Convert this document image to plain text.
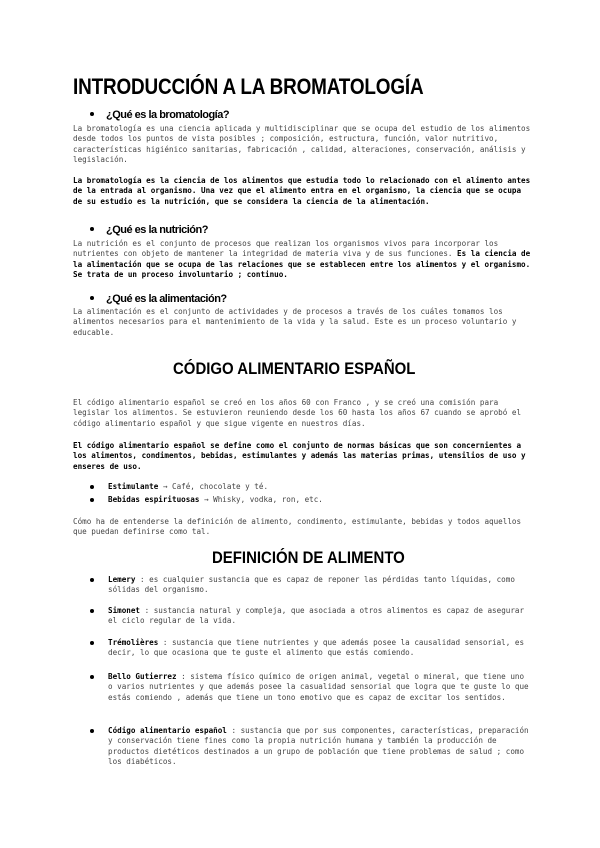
INTRODUCCIÓN A LA BROMATOLOGÍA
¿Qué es la bromatología?

La bromatología es una ciencia aplicada y multidisciplinar que se ocupa del estudio de los alimentos desde todos los puntos de vista posibles ; composición, estructura, función, valor nutritivo, características higiénico sanitarias, fabricación , calidad, alteraciones, conservación, análisis y legislación.

La bromatología es la ciencia de los alimentos que estudia todo lo relacionado con el alimento antes de la entrada al organismo. Una vez que el alimento entra en el organismo, la ciencia que se ocupa de su estudio es la nutrición, que se considera la ciencia de la alimentación.

¿Qué es la nutrición?

La nutrición es el conjunto de procesos que realizan los organismos vivos para incorporar los nutrientes con objeto de mantener la integridad de materia viva y de sus funciones. Es la ciencia de la alimentación que se ocupa de las relaciones que se establecen entre los alimentos y el organismo. Se trata de un proceso involuntario ; continuo.

¿Qué es la alimentación?

La alimentación es el conjunto de actividades y de procesos a través de los cuáles tomamos los alimentos necesarios para el mantenimiento de la vida y la salud. Este es un proceso voluntario y educable.

CÓDIGO ALIMENTARIO ESPAÑOL

El código alimentario español se creó en los años 60 con Franco , y se creó una comisión para legislar los alimentos. Se estuvieron reuniendo desde los 60 hasta los años 67 cuando se aprobó el código alimentario español y que sigue vigente en nuestros días.

El código alimentario español se define como el conjunto de normas básicas que son concernientes a los alimentos, condimentos, bebidas, estimulantes y además las materias primas, utensilios de uso y enseres de uso.

Estimulante → Café, chocolate y té.
Bebidas espirituosas → Whisky, vodka, ron, etc.

Cómo ha de entenderse la definición de alimento, condimento, estimulante, bebidas y todos aquellos que puedan definirse como tal.

DEFINICIÓN DE ALIMENTO
Lemery : es cualquier sustancia que es capaz de reponer las pérdidas tanto líquidas, como sólidas del organismo.
Simonet : sustancia natural y compleja, que asociada a otros alimentos es capaz de asegurar el ciclo regular de la vida.
Trémolières : sustancia que tiene nutrientes y que además posee la causalidad sensorial, es decir, lo que ocasiona que te guste el alimento que estás comiendo.
Bello Gutierrez : sistema físico químico de origen animal, vegetal o mineral, que tiene uno o varios nutrientes y que además posee la casualidad sensorial que logra que te guste lo que estás comiendo , además que tiene un tono emotivo que es capaz de excitar los sentidos.
Código alimentario español : sustancia que por sus componentes, características, preparación y conservación tiene fines como la propia nutrición humana y también la producción de productos dietéticos destinados a un grupo de población que tiene problemas de salud ; como los diabéticos.
